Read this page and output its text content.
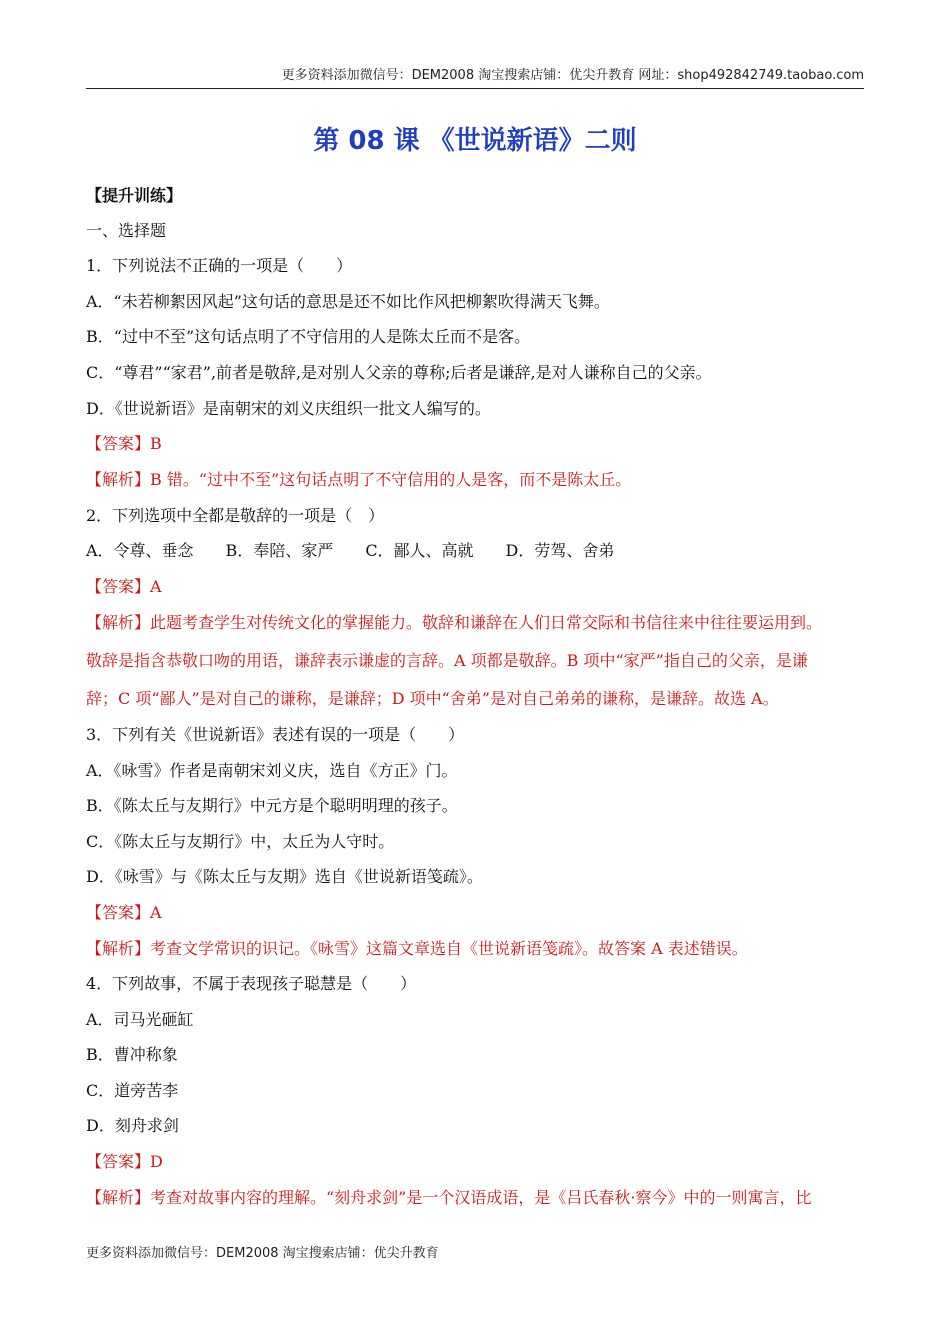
更多资料添加微信号：DEM2008 淘宝搜索店铺：优尖升教育 网址：shop492842749.taobao.com
第 08 课 《世说新语》二则
【提升训练】
一、选择题
1．下列说法不正确的一项是（　　）
A．“未若柳絮因风起”这句话的意思是还不如比作风把柳絮吹得满天飞舞。
B．“过中不至”这句话点明了不守信用的人是陈太丘而不是客。
C．“尊君”“家君”,前者是敬辞,是对别人父亲的尊称;后者是谦辞,是对人谦称自己的父亲。
D．《世说新语》是南朝宋的刘义庆组织一批文人编写的。
【答案】B
【解析】B 错。“过中不至”这句话点明了不守信用的人是客，而不是陈太丘。
2．下列选项中全都是敬辞的一项是（　）
A．令尊、垂念　　B．奉陪、家严　　C．鄙人、高就　　D．劳驾、舍弟
【答案】A
【解析】此题考查学生对传统文化的掌握能力。敬辞和谦辞在人们日常交际和书信往来中往往要运用到。
敬辞是指含恭敬口吻的用语，谦辞表示谦虚的言辞。A 项都是敬辞。B 项中“家严”指自己的父亲，是谦
辞；C 项“鄙人”是对自己的谦称，是谦辞；D 项中“舍弟”是对自己弟弟的谦称，是谦辞。故选 A。
3．下列有关《世说新语》表述有误的一项是（　　）
A．《咏雪》作者是南朝宋刘义庆，选自《方正》门。
B．《陈太丘与友期行》中元方是个聪明明理的孩子。
C．《陈太丘与友期行》中，太丘为人守时。
D．《咏雪》与《陈太丘与友期》选自《世说新语笺疏》。
【答案】A
【解析】考查文学常识的识记。《咏雪》这篇文章选自《世说新语笺疏》。故答案 A 表述错误。
4．下列故事，不属于表现孩子聪慧是（　　）
A．司马光砸缸
B．曹冲称象
C．道旁苦李
D．刻舟求剑
【答案】D
【解析】考查对故事内容的理解。“刻舟求剑”是一个汉语成语，是《吕氏春秋·察今》中的一则寓言，比
更多资料添加微信号：DEM2008 淘宝搜索店铺：优尖升教育
